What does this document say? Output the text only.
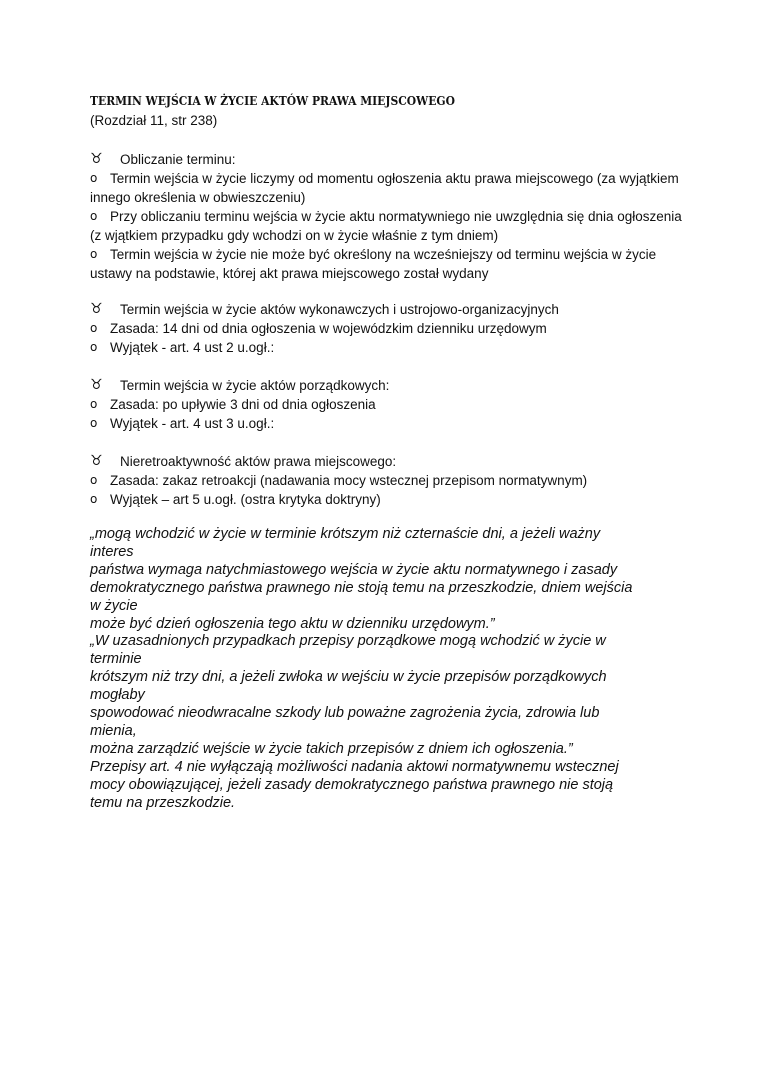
TERMIN WEJŚCIA W ŻYCIE AKTÓW PRAWA MIEJSCOWEGO
(Rozdział 11, str 238)
♉	Obliczanie terminu:
o Termin wejścia w życie liczymy od momentu ogłoszenia aktu prawa miejscowego (za wyjątkiem innego określenia w obwieszczeniu)
o Przy obliczaniu terminu wejścia w życie aktu normatywniego nie uwzględnia się dnia ogłoszenia (z wjątkiem przypadku gdy wchodzi on w życie właśnie z tym dniem)
o Termin wejścia w życie nie może być określony na wcześniejszy od terminu wejścia w życie ustawy na podstawie, której akt prawa miejscowego został wydany
♉	Termin wejścia w życie aktów wykonawczych i ustrojowo-organizacyjnych
o Zasada: 14 dni od dnia ogłoszenia w wojewódzkim dzienniku urzędowym
o Wyjątek - art. 4 ust 2 u.ogł.:
♉	Termin wejścia w życie aktów porządkowych:
o Zasada: po upływie 3 dni od dnia ogłoszenia
o Wyjątek - art. 4 ust 3 u.ogł.:
♉	Nieretroaktywność aktów prawa miejscowego:
o Zasada: zakaz retroakcji (nadawania mocy wstecznej przepisom normatywnym)
o Wyjątek – art 5 u.ogł. (ostra krytyka doktryny)
„mogą wchodzić w życie w terminie krótszym niż czternaście dni, a jeżeli ważny
interes
państwa wymaga natychmiastowego wejścia w życie aktu normatywnego i zasady
demokratycznego państwa prawnego nie stoją temu na przeszkodzie, dniem wejścia
w życie
może być dzień ogłoszenia tego aktu w dzienniku urzędowym.”
„W uzasadnionych przypadkach przepisy porządkowe mogą wchodzić w życie w
terminie
krótszym niż trzy dni, a jeżeli zwłoka w wejściu w życie przepisów porządkowych
mogłaby
spowodować nieodwracalne szkody lub poważne zagrożenia życia, zdrowia lub
mienia,
można zarządzić wejście w życie takich przepisów z dniem ich ogłoszenia.”
Przepisy art. 4 nie wyłączają możliwości nadania aktowi normatywnemu wstecznej
mocy obowiązującej, jeżeli zasady demokratycznego państwa prawnego nie stoją
temu na przeszkodzie.
